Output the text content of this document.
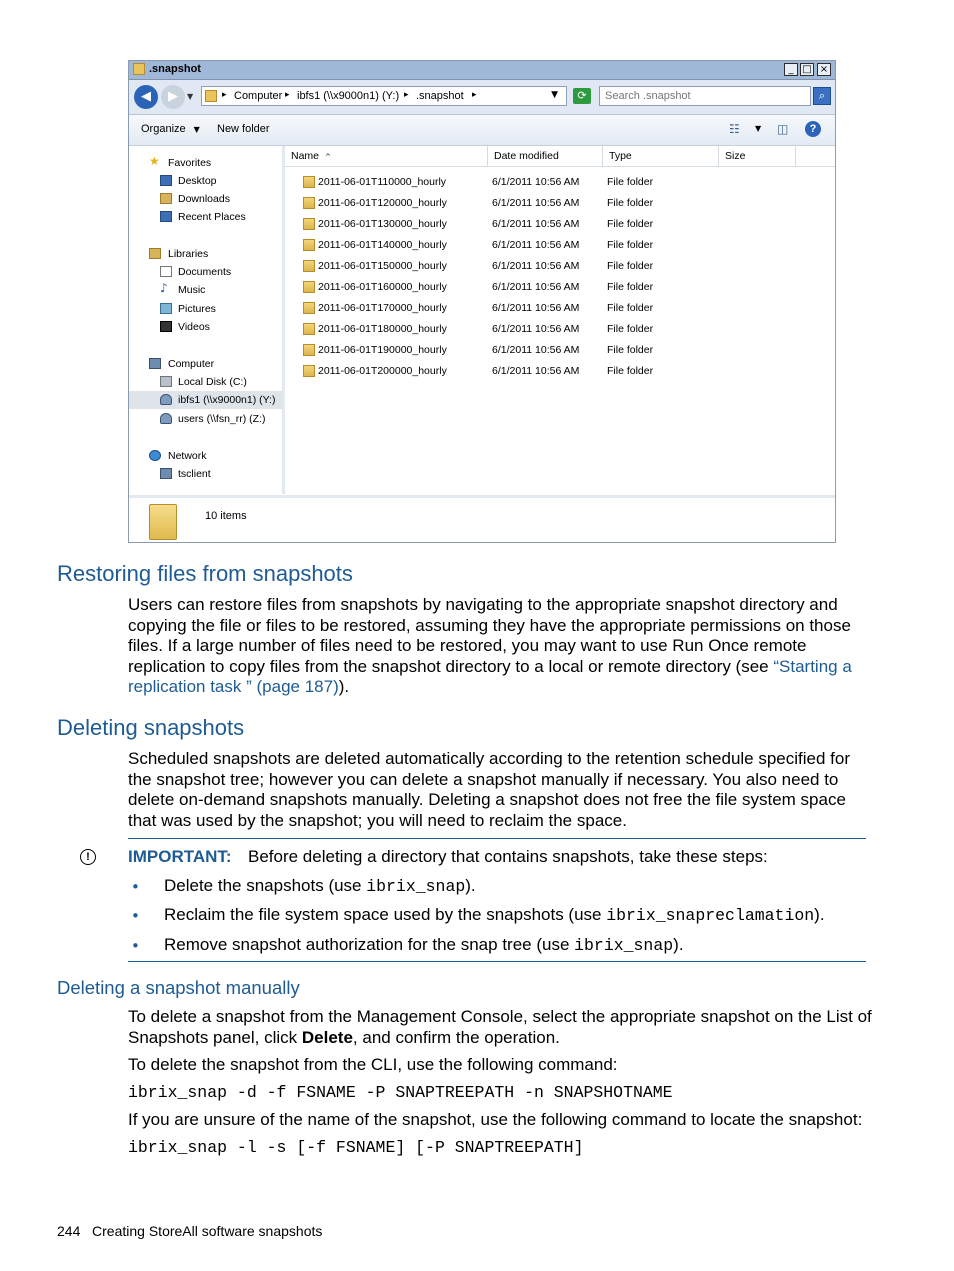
.snapshot	_ □ ×
◀	▶	▼	▸ Computer ▸ ibfs1 (\\x9000n1) (Y:) ▸ .snapshot ▸	▼	⟳
Search .snapshot	⌕
Organize ▼ New folder	☷ ▼ ◫	?
★ Favorites
Desktop
Downloads
Recent Places
Libraries
Documents
♪ Music
Pictures
Videos
Computer
Local Disk (C:)
ibfs1 (\\x9000n1) (Y:)
users (\\fsn_rr) (Z:)
Network
tsclient
Name ^	Date modified	Type	Size
2011-06-01T110000_hourly	6/1/2011 10:56 AM	File folder
2011-06-01T120000_hourly	6/1/2011 10:56 AM	File folder
2011-06-01T130000_hourly	6/1/2011 10:56 AM	File folder
2011-06-01T140000_hourly	6/1/2011 10:56 AM	File folder
2011-06-01T150000_hourly	6/1/2011 10:56 AM	File folder
2011-06-01T160000_hourly	6/1/2011 10:56 AM	File folder
2011-06-01T170000_hourly	6/1/2011 10:56 AM	File folder
2011-06-01T180000_hourly	6/1/2011 10:56 AM	File folder
2011-06-01T190000_hourly	6/1/2011 10:56 AM	File folder
2011-06-01T200000_hourly	6/1/2011 10:56 AM	File folder
10 items
Restoring files from snapshots
Users can restore files from snapshots by navigating to the appropriate snapshot directory and copying the file or files to be restored, assuming they have the appropriate permissions on those files. If a large number of files need to be restored, you may want to use Run Once remote replication to copy files from the snapshot directory to a local or remote directory (see “Starting a replication task ” (page 187)).
Deleting snapshots
Scheduled snapshots are deleted automatically according to the retention schedule specified for the snapshot tree; however you can delete a snapshot manually if necessary. You also need to delete on-demand snapshots manually. Deleting a snapshot does not free the file system space that was used by the snapshot; you will need to reclaim the space.
!	IMPORTANT: Before deleting a directory that contains snapshots, take these steps:
• Delete the snapshots (use ibrix_snap).
• Reclaim the file system space used by the snapshots (use ibrix_snapreclamation).
• Remove snapshot authorization for the snap tree (use ibrix_snap).
Deleting a snapshot manually
To delete a snapshot from the Management Console, select the appropriate snapshot on the List of Snapshots panel, click Delete, and confirm the operation.
To delete the snapshot from the CLI, use the following command:
ibrix_snap -d -f FSNAME -P SNAPTREEPATH -n SNAPSHOTNAME
If you are unsure of the name of the snapshot, use the following command to locate the snapshot:
ibrix_snap -l -s [-f FSNAME] [-P SNAPTREEPATH]
244 Creating StoreAll software snapshots
